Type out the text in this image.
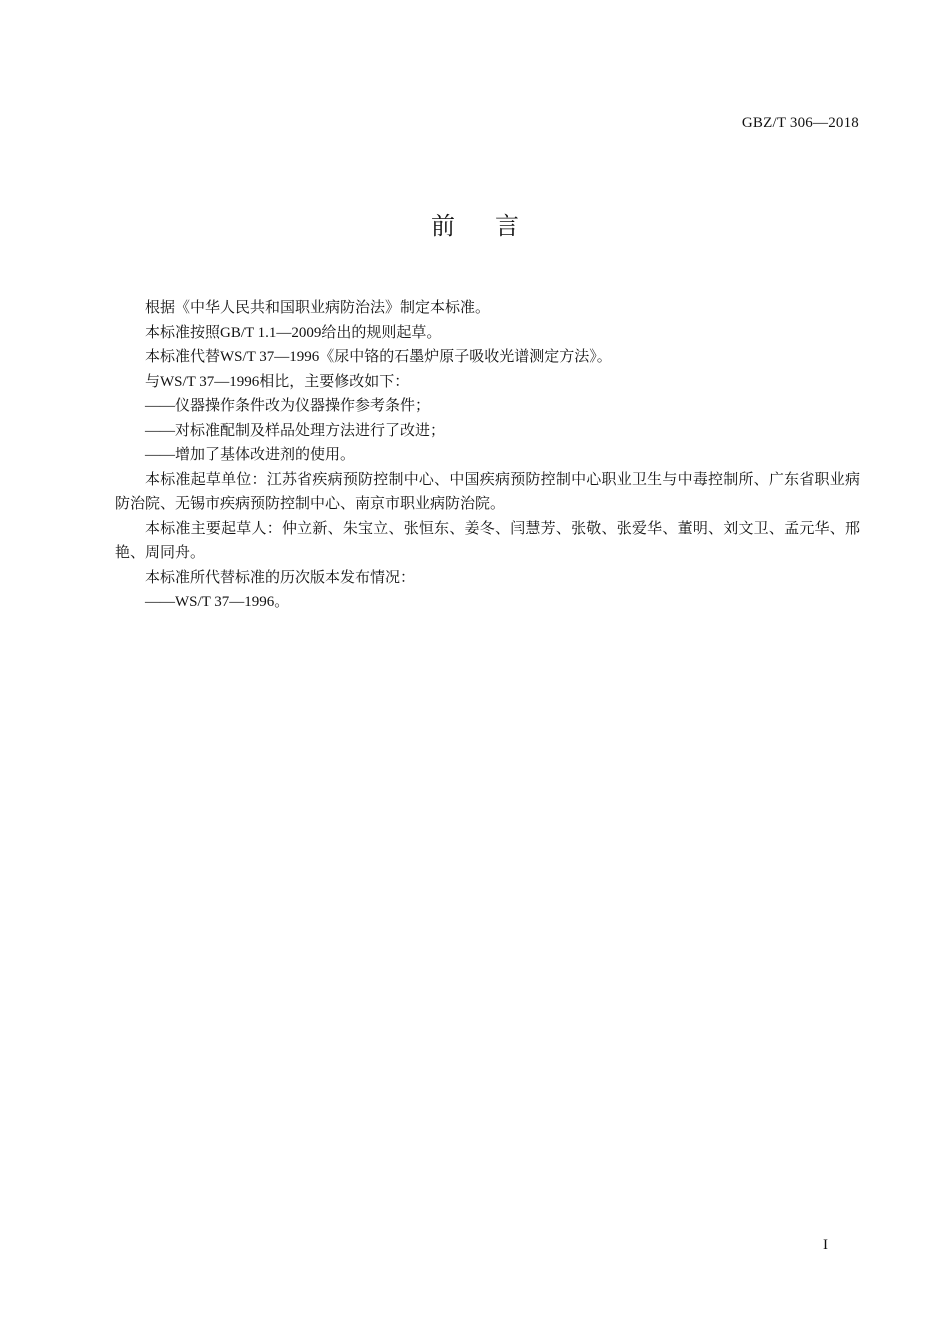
GBZ/T 306—2018

前言

根据《中华人民共和国职业病防治法》制定本标准。

本标准按照GB/T 1.1—2009给出的规则起草。

本标准代替WS/T 37—1996《尿中铬的石墨炉原子吸收光谱测定方法》。

与WS/T 37—1996相比，主要修改如下：

——仪器操作条件改为仪器操作参考条件；

——对标准配制及样品处理方法进行了改进；

——增加了基体改进剂的使用。

本标准起草单位：江苏省疾病预防控制中心、中国疾病预防控制中心职业卫生与中毒控制所、广东省职业病防治院、无锡市疾病预防控制中心、南京市职业病防治院。

本标准主要起草人：仲立新、朱宝立、张恒东、姜冬、闫慧芳、张敬、张爱华、董明、刘文卫、孟元华、邢艳、周同舟。

本标准所代替标准的历次版本发布情况：

——WS/T 37—1996。

I
